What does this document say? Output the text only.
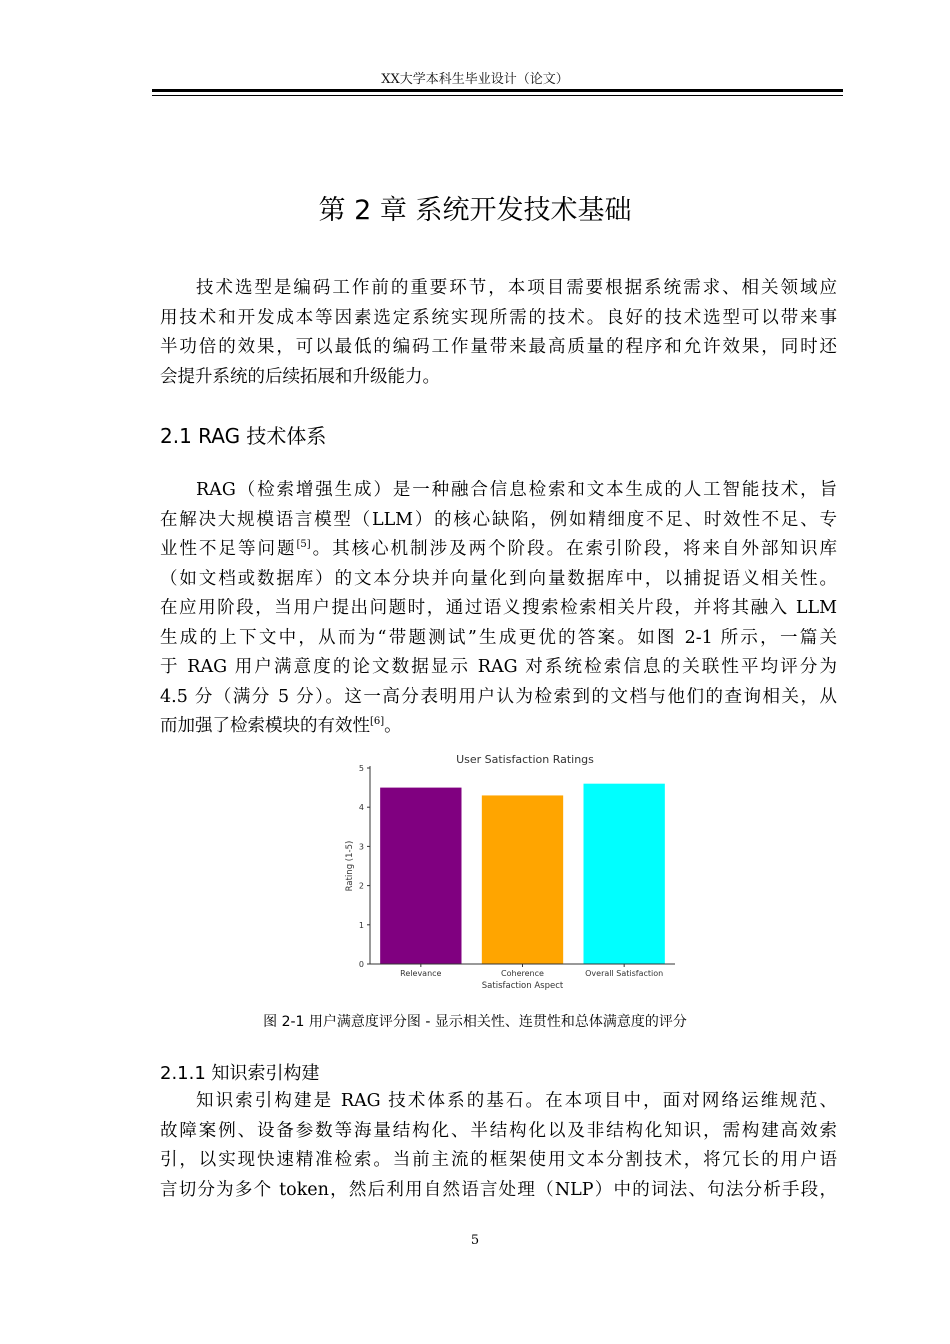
XX大学本科生毕业设计（论文）
第 2 章 系统开发技术基础
技术选型是编码工作前的重要环节，本项目需要根据系统需求、相关领域应
用技术和开发成本等因素选定系统实现所需的技术。良好的技术选型可以带来事
半功倍的效果，可以最低的编码工作量带来最高质量的程序和允许效果，同时还
会提升系统的后续拓展和升级能力。
2.1 RAG 技术体系
RAG（检索增强生成）是一种融合信息检索和文本生成的人工智能技术，旨
在解决大规模语言模型（LLM）的核心缺陷，例如精细度不足、时效性不足、专
业性不足等问题[5]。其核心机制涉及两个阶段。在索引阶段，将来自外部知识库
（如文档或数据库）的文本分块并向量化到向量数据库中，以捕捉语义相关性。
在应用阶段，当用户提出问题时，通过语义搜索检索相关片段，并将其融入 LLM
生成的上下文中，从而为“带题测试”生成更优的答案。如图 2-1 所示，一篇关
于 RAG 用户满意度的论文数据显示 RAG 对系统检索信息的关联性平均评分为
4.5 分（满分 5 分）。这一高分表明用户认为检索到的文档与他们的查询相关，从
而加强了检索模块的有效性[6]。
User Satisfaction Ratings
0
1
2
3
4
5
Relevance	Coherence	Overall Satisfaction
Satisfaction Aspect
Rating (1-5)
图 2-1 用户满意度评分图 - 显示相关性、连贯性和总体满意度的评分
2.1.1 知识索引构建
知识索引构建是 RAG 技术体系的基石。在本项目中，面对网络运维规范、
故障案例、设备参数等海量结构化、半结构化以及非结构化知识，需构建高效索
引，以实现快速精准检索。当前主流的框架使用文本分割技术，将冗长的用户语
言切分为多个 token，然后利用自然语言处理（NLP）中的词法、句法分析手段，
5
